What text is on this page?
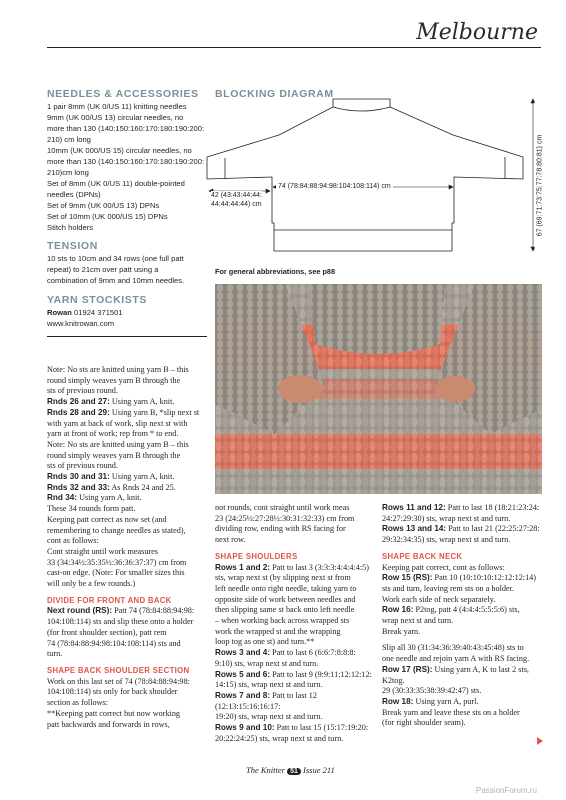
Melbourne
NEEDLES & ACCESSORIES
1 pair 8mm (UK 0/US 11) knitting needles
9mm (UK 00/US 13) circular needles, no
more than 130 (140:150:160:170:180:190:200:
210) cm long
10mm (UK 000/US 15) circular needles, no
more than 130 (140:150:160:170:180:190:200:
210)cm long
Set of 8mm (UK 0/US 11) double-pointed
needles (DPNs)
Set of 9mm (UK 00/US 13) DPNs
Set of 10mm (UK 000/US 15) DPNs
Stitch holders
TENSION
10 sts to 10cm and 34 rows (one full patt
repeat) to 21cm over patt using a
combination of 9mm and 10mm needles.
YARN STOCKISTS
Rowan 01924 371501
www.knitrowan.com
BLOCKING DIAGRAM
74 (78:84:88:94:98:104:108:114) cm
42 (43:43:44:44:
44:44:44:44) cm	67 (69:71:73:75:77:78:80:81) cm
For general abbreviations, see p88
Note: No sts are knitted using yarn B – this
round simply weaves yarn B through the
sts of previous round.
Rnds 26 and 27: Using yarn A, knit.
Rnds 28 and 29: Using yarn B, *slip next st
with yarn at back of work, slip next st with
yarn at front of work; rep from * to end.
Note: No sts are knitted using yarn B – this
round simply weaves yarn B through the
sts of previous round.
Rnds 30 and 31: Using yarn A, knit.
Rnds 32 and 33: As Rnds 24 and 25.
Rnd 34: Using yarn A, knit.
These 34 rounds form patt.
Keeping patt correct as now set (and
remembering to change needles as stated),
cont as follows:
Cont straight until work measures
33 (34:34½:35:35½:36:36:37:37) cm from
cast-on edge. (Note: For smaller sizes this
will only be a few rounds.)
DIVIDE FOR FRONT AND BACK
Next round (RS): Patt 74 (78:84:88:94:98:
104:108:114) sts and slip these onto a holder
(for front shoulder section), patt rem
74 (78:84:88:94:98:104:108:114) sts and
turn.
SHAPE BACK SHOULDER SECTION
Work on this last set of 74 (78:84:88:94:98:
104:108:114) sts only for back shoulder
section as follows:
**Keeping patt correct but now working
patt backwards and forwards in rows,
not rounds, cont straight until work meas
23 (24:25½:27:28½:30:31:32:33) cm from
dividing row, ending with RS facing for
next row.
SHAPE SHOULDERS
Rows 1 and 2: Patt to last 3 (3:3:3:4:4:4:4:5)
sts, wrap next st (by slipping next st from
left needle onto right needle, taking yarn to
opposite side of work between needles and
then slipping same st back onto left needle
– when working back across wrapped sts
work the wrapped st and the wrapping
loop tog as one st) and turn.**
Rows 3 and 4: Patt to last 6 (6:6:7:8:8:8:
9:10) sts, wrap next st and turn.
Rows 5 and 6: Patt to last 9 (9:9:11:12:12:12:
14:15) sts, wrap next st and turn.
Rows 7 and 8: Patt to last 12 (12:13:15:16:16:17:
19:20) sts, wrap next st and turn.
Rows 9 and 10: Patt to last 15 (15:17:19:20:
20:22:24:25) sts, wrap next st and turn.
Rows 11 and 12: Patt to last 18 (18:21:23:24:
24:27:29:30) sts, wrap next st and turn.
Rows 13 and 14: Patt to last 21 (22:25:27:28:
29:32:34:35) sts, wrap next st and turn.
SHAPE BACK NECK
Keeping patt correct, cont as follows:
Row 15 (RS): Patt 10 (10:10:10:12:12:12:14)
sts and turn, leaving rem sts on a holder.
Work each side of neck separately.
Row 16: P2tog, patt 4 (4:4:4:5:5:5:6) sts,
wrap next st and turn.
Break yarn.
Slip all 30 (31:34:36:39:40:43:45:48) sts to
one needle and rejoin yarn A with RS facing.
Row 17 (RS): Using yarn A, K to last 2 sts,
K2tog.
29 (30:33:35:38:39:42:47) sts.
Row 18: Using yarn A, purl.
Break yarn and leave these sts on a holder
(for right shoulder seam).
The Knitter 51 Issue 211
PassionForum.ru
